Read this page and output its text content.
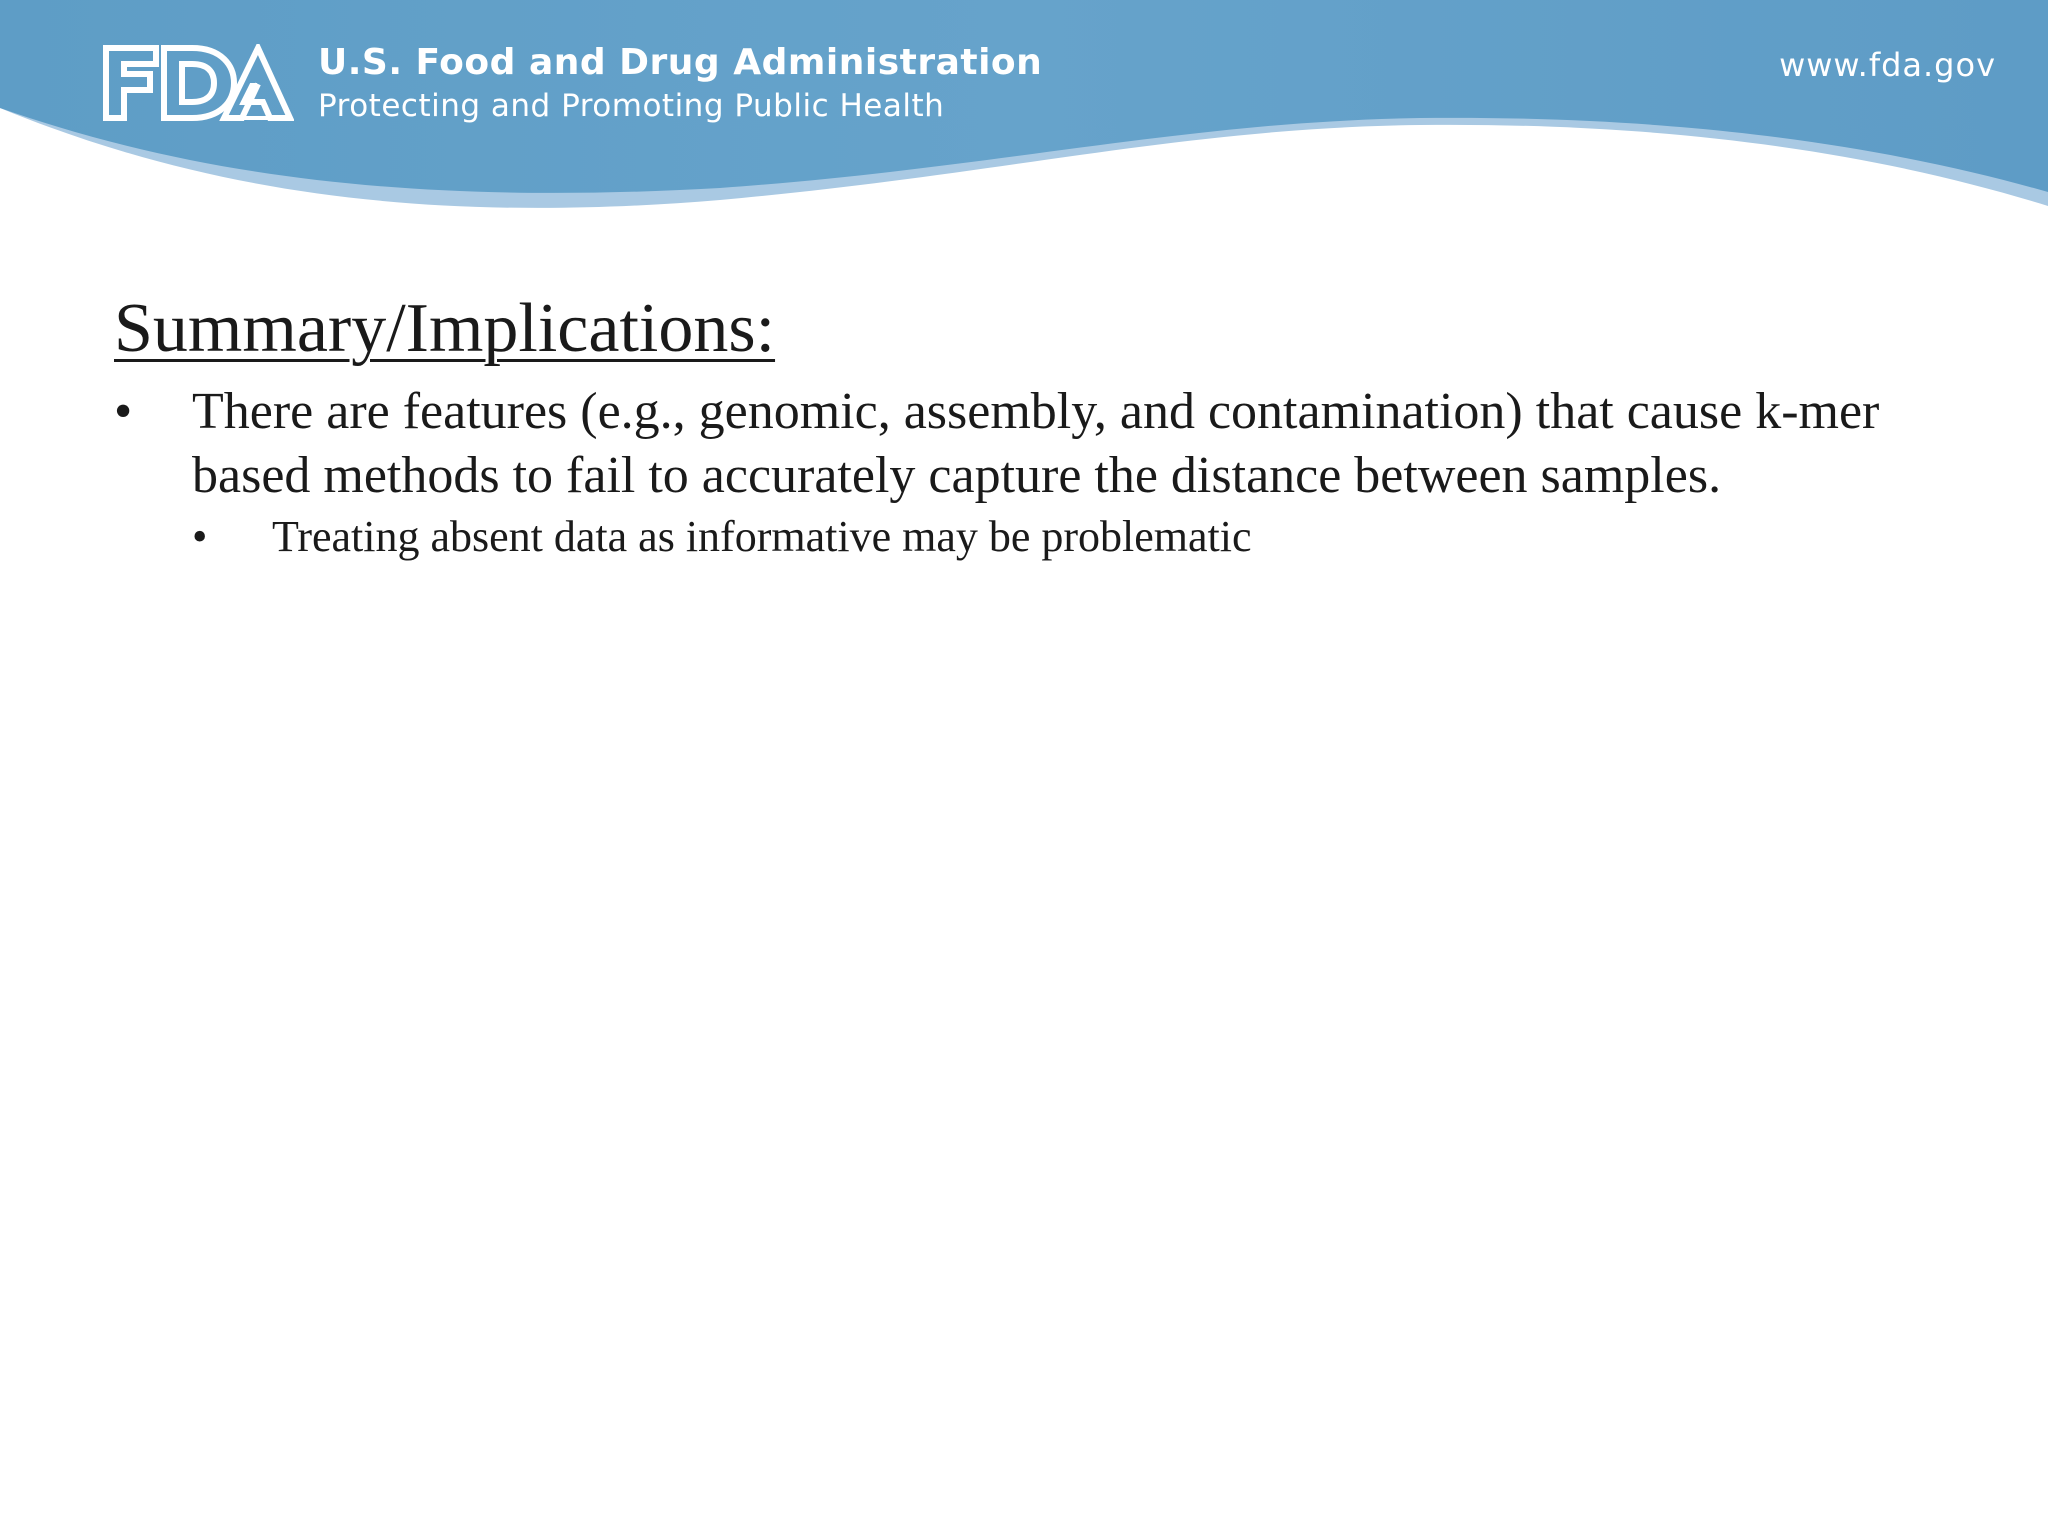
U.S. Food and Drug Administration
Protecting and Promoting Public Health
www.fda.gov
Summary/Implications:
• There are features (e.g., genomic, assembly, and contamination) that cause k-mer based methods to fail to accurately capture the distance between samples.
• Treating absent data as informative may be problematic
